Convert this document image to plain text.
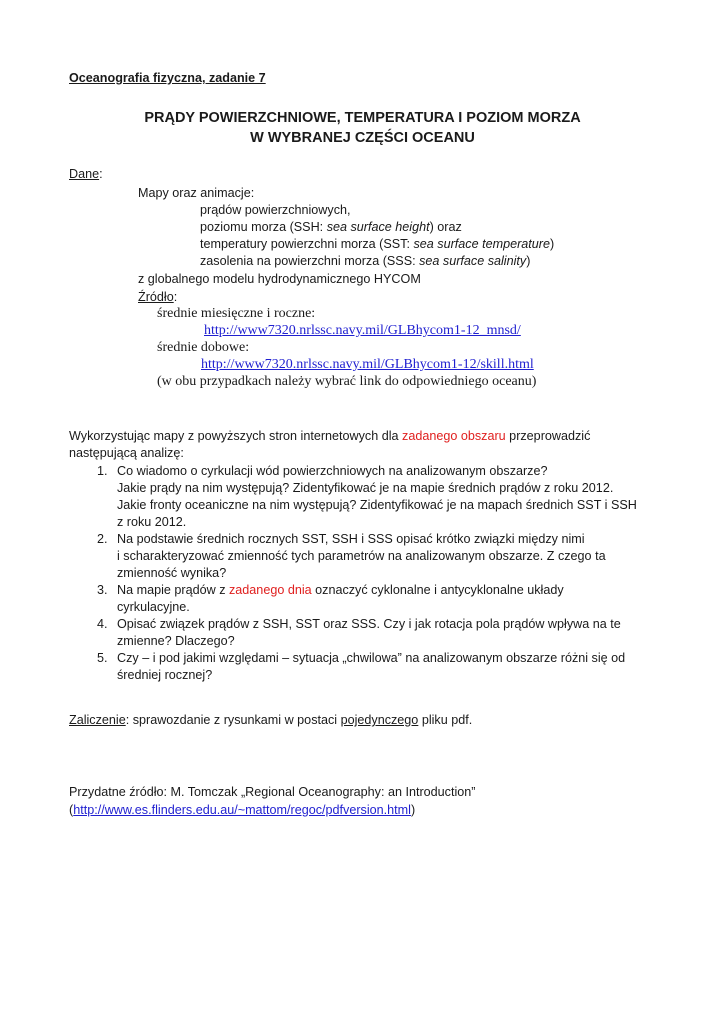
Oceanografia fizyczna, zadanie 7
PRĄDY POWIERZCHNIOWE, TEMPERATURA I POZIOM MORZA
W WYBRANEJ CZĘŚCI OCEANU
Dane:
Mapy oraz animacje:
prądów powierzchniowych,
poziomu morza (SSH: sea surface height) oraz
temperatury powierzchni morza (SST: sea surface temperature)
zasolenia na powierzchni morza (SSS: sea surface salinity)
z globalnego modelu hydrodynamicznego HYCOM
Źródło:
średnie miesięczne i roczne:
http://www7320.nrlssc.navy.mil/GLBhycom1-12_mnsd/
średnie dobowe:
http://www7320.nrlssc.navy.mil/GLBhycom1-12/skill.html
(w obu przypadkach należy wybrać link do odpowiedniego oceanu)
Wykorzystując mapy z powyższych stron internetowych dla zadanego obszaru przeprowadzić
następującą analizę:
1. Co wiadomo o cyrkulacji wód powierzchniowych na analizowanym obszarze?
Jakie prądy na nim występują? Zidentyfikować je na mapie średnich prądów z roku 2012.
Jakie fronty oceaniczne na nim występują? Zidentyfikować je na mapach średnich SST i SSH
z roku 2012.
2. Na podstawie średnich rocznych SST, SSH i SSS opisać krótko związki między nimi
i scharakteryzować zmienność tych parametrów na analizowanym obszarze. Z czego ta
zmienność wynika?
3. Na mapie prądów z zadanego dnia oznaczyć cyklonalne i antycyklonalne układy
cyrkulacyjne.
4. Opisać związek prądów z SSH, SST oraz SSS. Czy i jak rotacja pola prądów wpływa na te
zmienne? Dlaczego?
5. Czy – i pod jakimi względami – sytuacja „chwilowa” na analizowanym obszarze różni się od
średniej rocznej?
Zaliczenie: sprawozdanie z rysunkami w postaci pojedynczego pliku pdf.
Przydatne źródło: M. Tomczak „Regional Oceanography: an Introduction”
(http://www.es.flinders.edu.au/~mattom/regoc/pdfversion.html)
